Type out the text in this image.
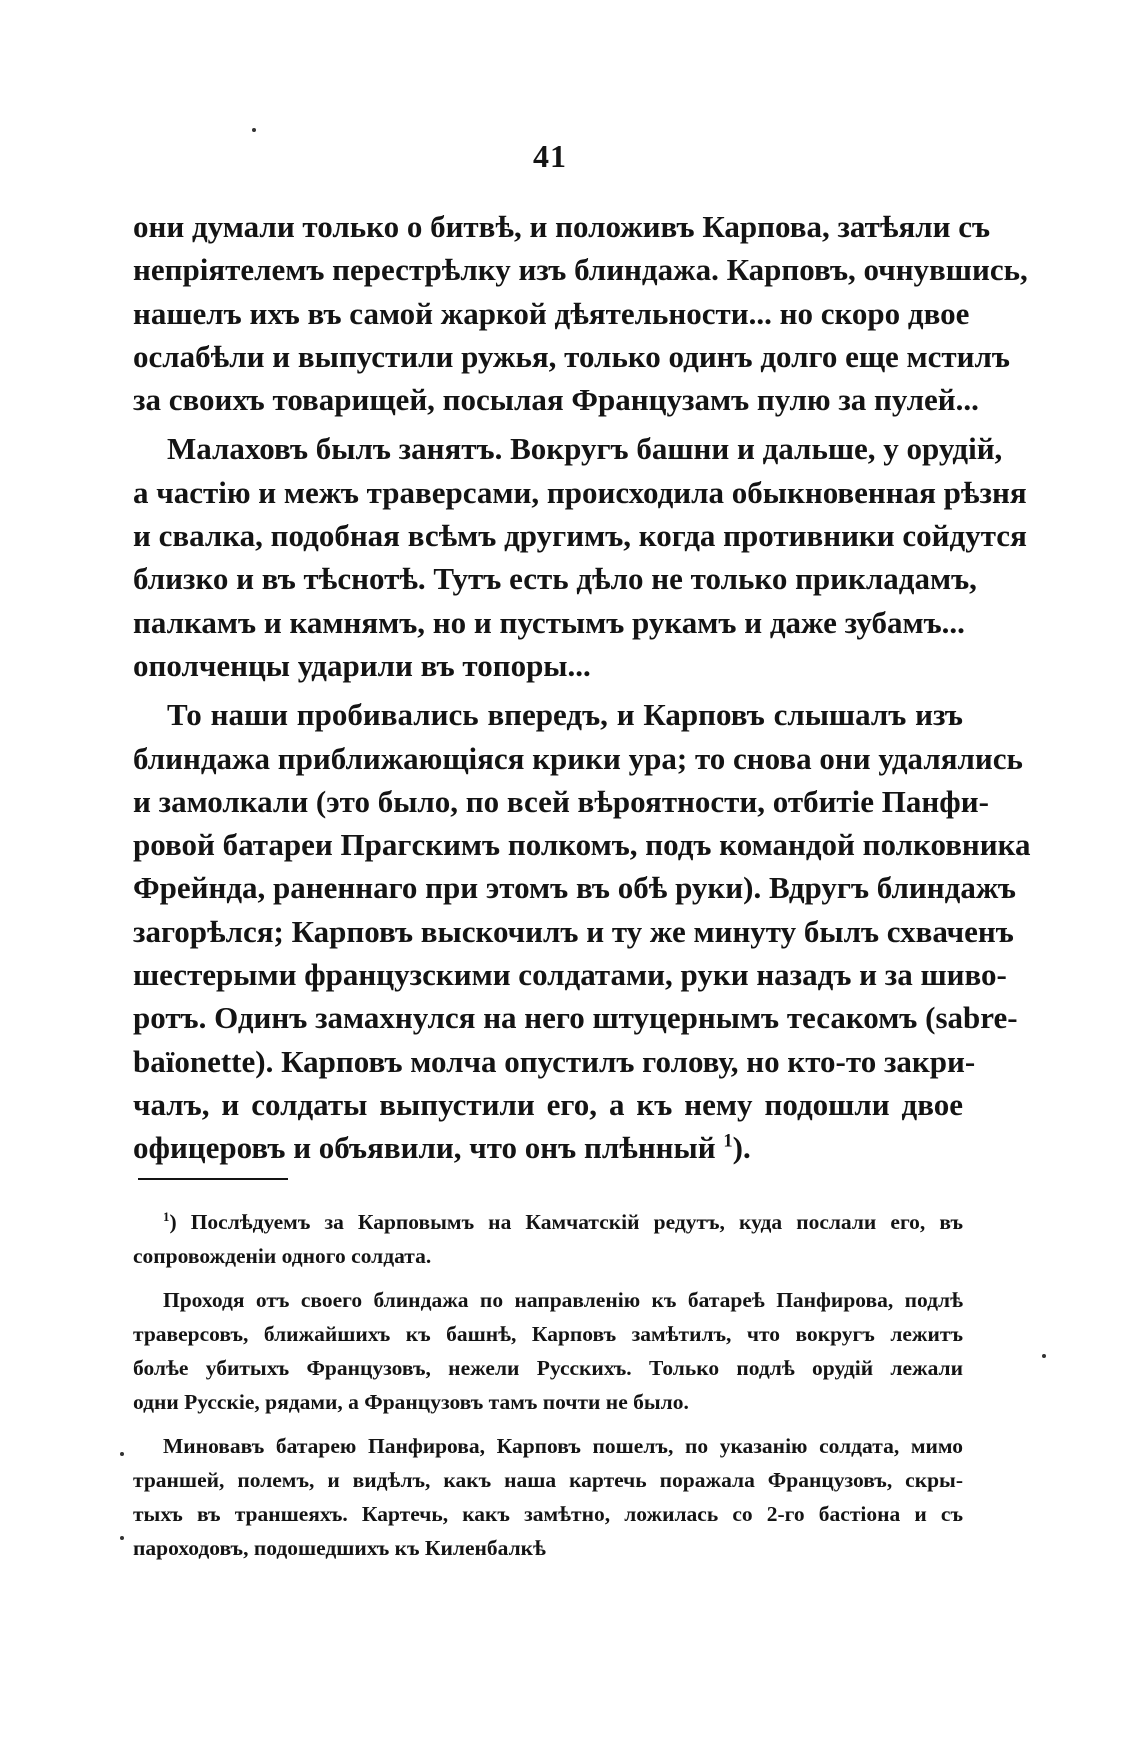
41
они думали только о битвѣ, и положивъ Карпова, затѣяли съ
непріятелемъ перестрѣлку изъ блиндажа. Карповъ, очнувшись,
нашелъ ихъ въ самой жаркой дѣятельности... но скоро двое
ослабѣли и выпустили ружья, только одинъ долго еще мстилъ
за своихъ товарищей, посылая Французамъ пулю за пулей...
Малаховъ былъ занятъ. Вокругъ башни и дальше, у орудій,
а частію и межъ траверсами, происходила обыкновенная рѣзня
и свалка, подобная всѣмъ другимъ, когда противники сойдутся
близко и въ тѣснотѣ. Тутъ есть дѣло не только прикладамъ,
палкамъ и камнямъ, но и пустымъ рукамъ и даже зубамъ...
ополченцы ударили въ топоры...
То наши пробивались впередъ, и Карповъ слышалъ изъ
блиндажа приближающіяся крики ура; то снова они удалялись
и замолкали (это было, по всей вѣроятности, отбитіе Панфи-
ровой батареи Прагскимъ полкомъ, подъ командой полковника
Фрейнда, раненнаго при этомъ въ обѣ руки). Вдругъ блиндажъ
загорѣлся; Карповъ выскочилъ и ту же минуту былъ схваченъ
шестерыми французскими солдатами, руки назадъ и за шиво-
ротъ. Одинъ замахнулся на него штуцернымъ тесакомъ (sabre-
baïonette). Карповъ молча опустилъ голову, но кто-то закри-
чалъ, и солдаты выпустили его, а къ нему подошли двое
офицеровъ и объявили, что онъ плѣнный $^1$).
$^1$) Послѣдуемъ за Карповымъ на Камчатскій редутъ, куда послали его, въ
сопровожденіи одного солдата.
Проходя отъ своего блиндажа по направленію къ батареѣ Панфирова, подлѣ
траверсовъ, ближайшихъ къ башнѣ, Карповъ замѣтилъ, что вокругъ лежитъ
болѣе убитыхъ Французовъ, нежели Русскихъ. Только подлѣ орудій лежали
одни Русскіе, рядами, а Французовъ тамъ почти не было.
Миновавъ батарею Панфирова, Карповъ пошелъ, по указанію солдата, мимо
траншей, полемъ, и видѣлъ, какъ наша картечь поражала Французовъ, скры-
тыхъ въ траншеяхъ. Картечь, какъ замѣтно, ложилась со 2-го бастіона и съ
пароходовъ, подошедшихъ къ Киленбалкѣ
